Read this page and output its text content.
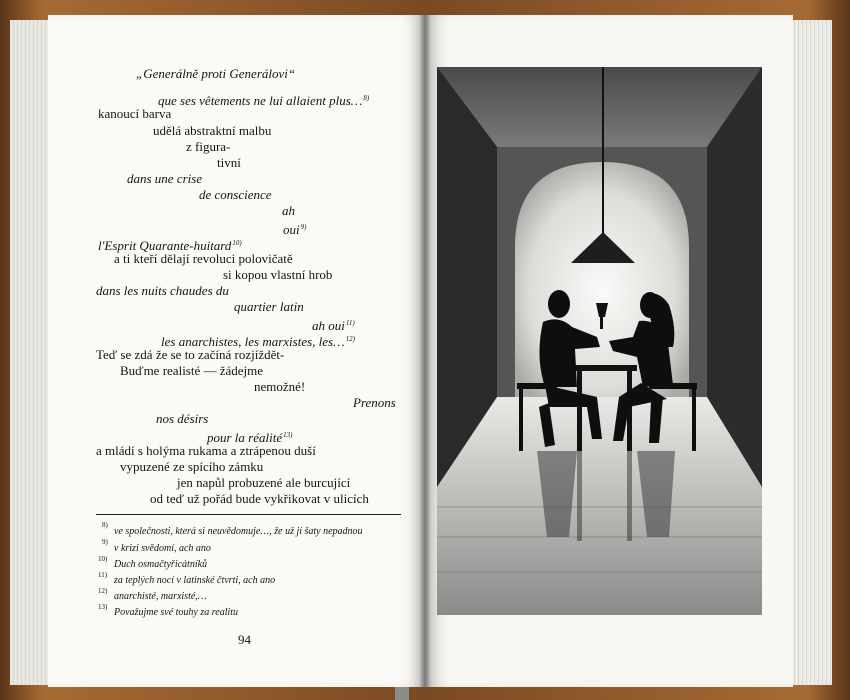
„Generálně proti Generálovi“
que ses vêtements ne lui allaient plus…$^{8)}$
kanoucí barva
udělá abstraktní malbu
z figura-
tivní
dans une crise
de conscience
ah
oui$^{9)}$
l'Esprit Quarante-huitard$^{10)}$
a ti kteří dělají revoluci polovičatě
si kopou vlastní hrob
dans les nuits chaudes du
quartier latin
ah oui$^{11)}$
les anarchistes, les marxistes, les…$^{12)}$
Teď se zdá že se to začíná rozjíždět-
Buďme realisté — žádejme
nemožné!
Prenons
nos désirs
pour la réalité$^{13)}$
a mládí s holýma rukama a ztrápenou duší
vypuzené ze spícího zámku
jen napůl probuzené ale burcující
od teď už pořád bude vykřikovat v ulicích
8)
ve společnosti, která si neuvědomuje…, že už jí šaty nepadnou
9)
v krizi svědomí, ach ano
10) Duch osmačtyřicátníků
11) za teplých nocí v latinské čtvrti, ach ano
12) anarchisté, marxisté,…
13) Považujme své touhy za realitu
94
